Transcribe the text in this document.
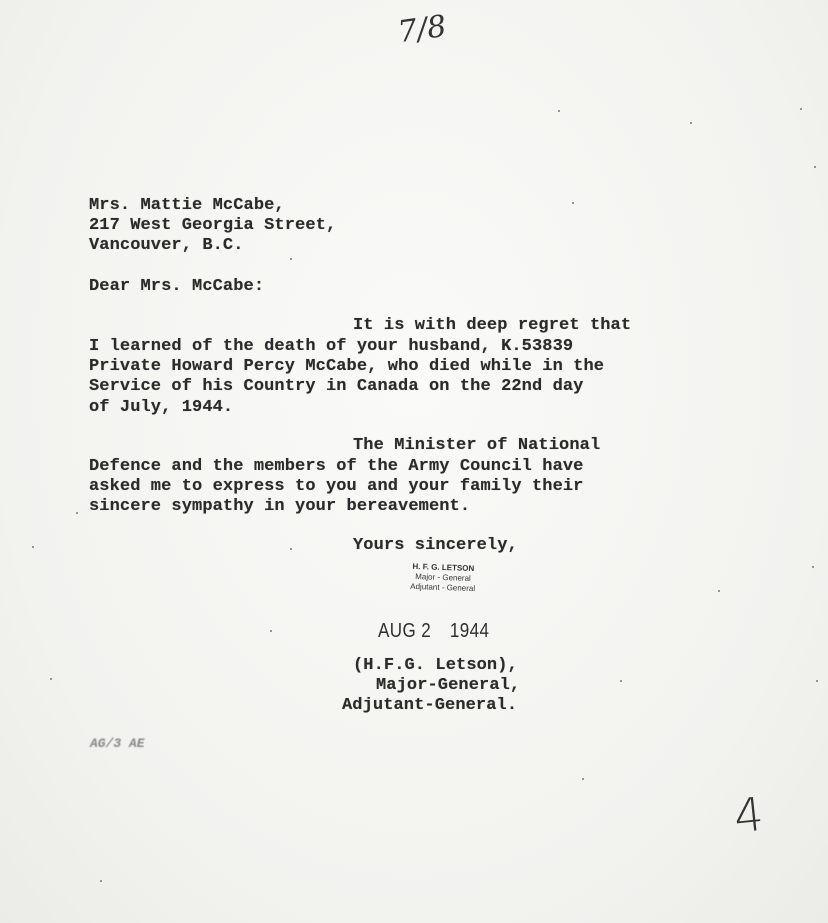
7/8
Mrs. Mattie McCabe,
217 West Georgia Street,
Vancouver, B.C.
Dear Mrs. McCabe:
It is with deep regret that
I learned of the death of your husband, K.53839
Private Howard Percy McCabe, who died while in the
Service of his Country in Canada on the 22nd day
of July, 1944.
The Minister of National
Defence and the members of the Army Council have
asked me to express to you and your family their
sincere sympathy in your bereavement.
Yours sincerely,
H. F. G. LETSON
Major - General
Adjutant - General
AUG 2 1944
(H.F.G. Letson),
Major-General,
Adjutant-General.
AG/3 AE
4
